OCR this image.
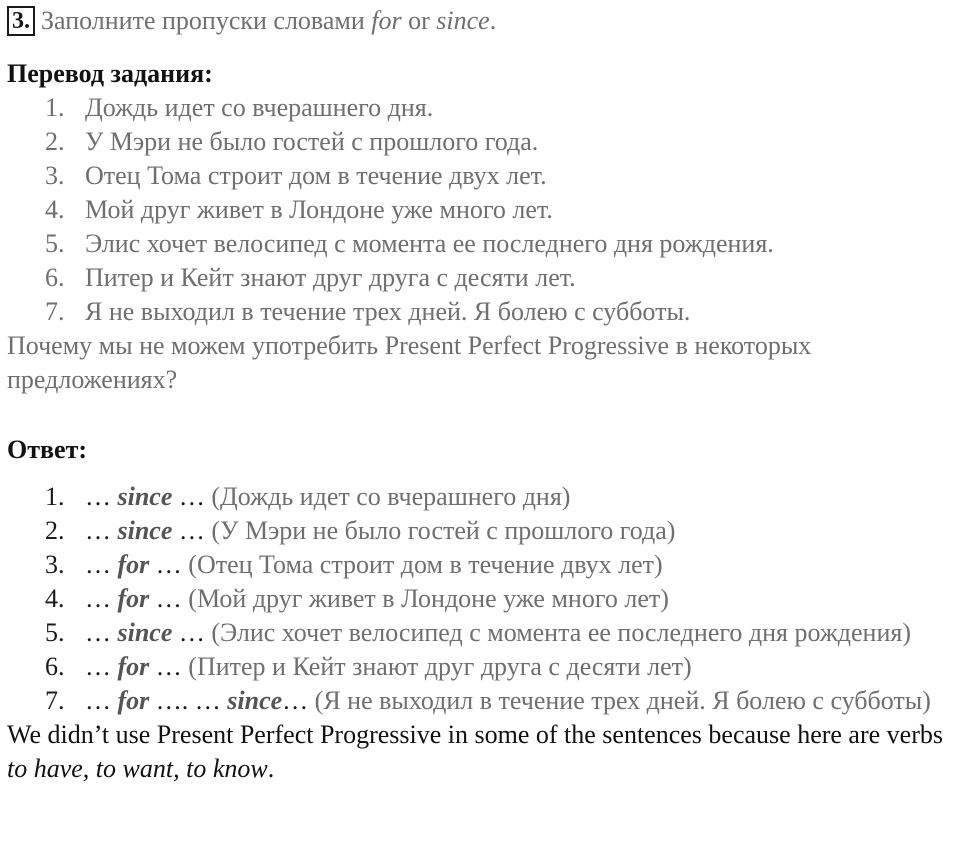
3. Заполните пропуски словами for or since.
Перевод задания:
1. Дождь идет со вчерашнего дня.
2. У Мэри не было гостей с прошлого года.
3. Отец Тома строит дом в течение двух лет.
4. Мой друг живет в Лондоне уже много лет.
5. Элис хочет велосипед с момента ее последнего дня рождения.
6. Питер и Кейт знают друг друга с десяти лет.
7. Я не выходил в течение трех дней. Я болею с субботы.
Почему мы не можем употребить Present Perfect Progressive в некоторых предложениях?
Ответ:
1. … since … (Дождь идет со вчерашнего дня)
2. … since … (У Мэри не было гостей с прошлого года)
3. … for … (Отец Тома строит дом в течение двух лет)
4. … for … (Мой друг живет в Лондоне уже много лет)
5. … since … (Элис хочет велосипед с момента ее последнего дня рождения)
6. … for … (Питер и Кейт знают друг друга с десяти лет)
7. … for …. … since… (Я не выходил в течение трех дней. Я болею с субботы)
We didn’t use Present Perfect Progressive in some of the sentences because here are verbs to have, to want, to know.
